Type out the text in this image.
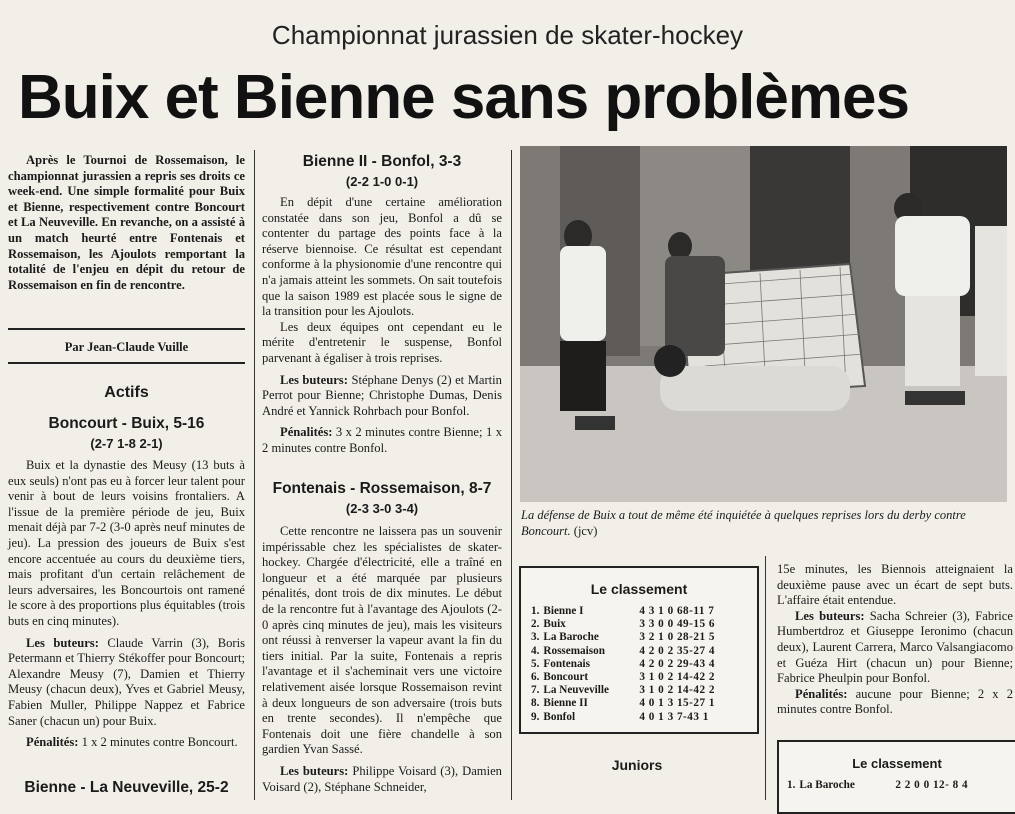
Championnat jurassien de skater-hockey
Buix et Bienne sans problèmes

Après le Tournoi de Rossemaison, le championnat jurassien a repris ses droits ce week-end. Une simple formalité pour Buix et Bienne, respectivement contre Boncourt et La Neuveville. En revanche, on a assisté à un match heurté entre Fontenais et Rossemaison, les Ajoulots remportant la totalité de l'enjeu en dépit du retour de Rossemaison en fin de rencontre.

Par Jean-Claude Vuille
Actifs
Boncourt - Buix, 5-16
(2-7 1-8 2-1)

Buix et la dynastie des Meusy (13 buts à eux seuls) n'ont pas eu à forcer leur talent pour venir à bout de leurs voisins frontaliers. A l'issue de la première période de jeu, Buix menait déjà par 7-2 (3-0 après neuf minutes de jeu). La pression des joueurs de Buix s'est encore accentuée au cours du deuxième tiers, mais profitant d'un certain relâchement de leurs adversaires, les Boncourtois ont ramené le score à des proportions plus équitables (trois buts en cinq minutes).

Les buteurs: Claude Varrin (3), Boris Petermann et Thierry Stékoffer pour Boncourt; Alexandre Meusy (7), Damien et Thierry Meusy (chacun deux), Yves et Gabriel Meusy, Fabien Muller, Philippe Nappez et Fabrice Saner (chacun un) pour Buix.

Pénalités: 1 x 2 minutes contre Boncourt.

Bienne - La Neuveville, 25-2
Bienne II - Bonfol, 3-3
(2-2 1-0 0-1)

En dépit d'une certaine amélioration constatée dans son jeu, Bonfol a dû se contenter du partage des points face à la réserve biennoise. Ce résultat est cependant conforme à la physionomie d'une rencontre qui n'a jamais atteint les sommets. On sait toutefois que la saison 1989 est placée sous le signe de la transition pour les Ajoulots.

Les deux équipes ont cependant eu le mérite d'entretenir le suspense, Bonfol parvenant à égaliser à trois reprises.

Les buteurs: Stéphane Denys (2) et Martin Perrot pour Bienne; Christophe Dumas, Denis André et Yannick Rohrbach pour Bonfol.

Pénalités: 3 x 2 minutes contre Bienne; 1 x 2 minutes contre Bonfol.

Fontenais - Rossemaison, 8-7
(2-3 3-0 3-4)

Cette rencontre ne laissera pas un souvenir impérissable chez les spécialistes de skater-hockey. Chargée d'électricité, elle a traîné en longueur et a été marquée par plusieurs pénalités, dont trois de dix minutes. Le début de la rencontre fut à l'avantage des Ajoulots (2-0 après cinq minutes de jeu), mais les visiteurs ont réussi à renverser la vapeur avant la fin du tiers initial. Par la suite, Fontenais a repris l'avantage et il s'acheminait vers une victoire relativement aisée lorsque Rossemaison revint à deux longueurs de son adversaire (trois buts en trente secondes). Il n'empêche que Fontenais doit une fière chandelle à son gardien Yvan Sassé.

Les buteurs: Philippe Voisard (3), Damien Voisard (2), Stéphane Schneider,

La défense de Buix a tout de même été inquiétée à quelques reprises lors du derby contre Boncourt. (jcv)
Le classement
1.	Bienne I	4 3 1 0 68-11 7
2.	Buix	3 3 0 0 49-15 6
3.	La Baroche	3 2 1 0 28-21 5
4.	Rossemaison	4 2 0 2 35-27 4
5.	Fontenais	4 2 0 2 29-43 4
6.	Boncourt	3 1 0 2 14-42 2
7.	La Neuveville	3 1 0 2 14-42 2
8.	Bienne II	4 0 1 3 15-27 1
9.	Bonfol	4 0 1 3 7-43 1
Juniors

15e minutes, les Biennois atteignaient la deuxième pause avec un écart de sept buts. L'affaire était entendue.

Les buteurs: Sacha Schreier (3), Fabrice Humbertdroz et Giuseppe Ieronimo (chacun deux), Laurent Carrera, Marco Valsangiacomo et Guéza Hirt (chacun un) pour Bienne; Fabrice Pheulpin pour Bonfol.

Pénalités: aucune pour Bienne; 2 x 2 minutes contre Bonfol.

Le classement
1.	La Baroche	2 2 0 0 12- 8 4
